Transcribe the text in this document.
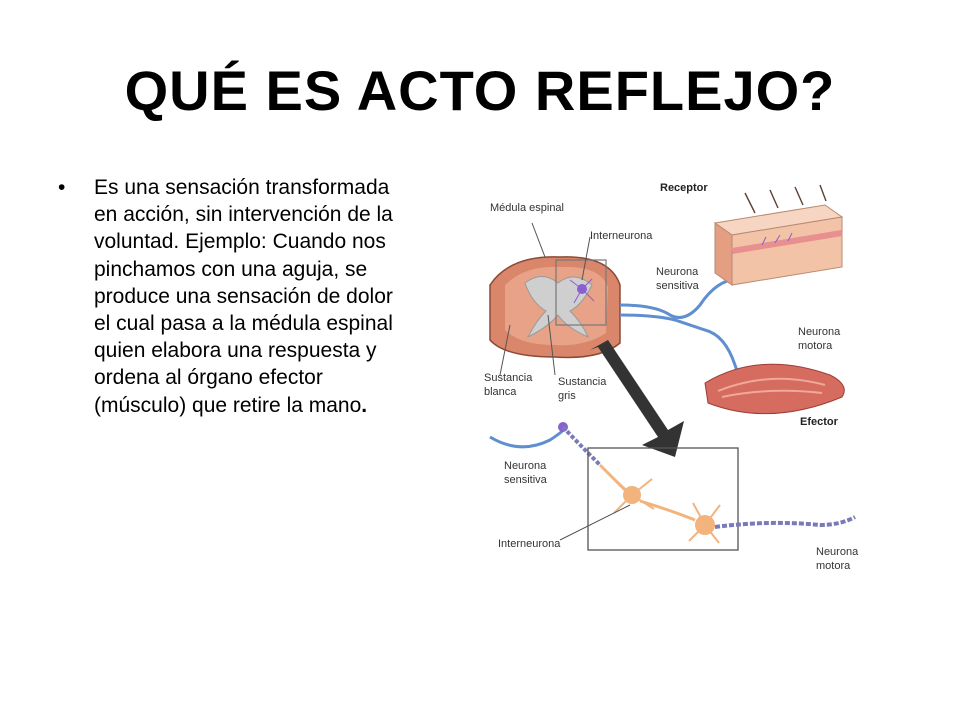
QUÉ ES ACTO REFLEJO?
•	Es una sensación transformada en acción, sin intervención de la voluntad. Ejemplo: Cuando nos pinchamos con una aguja, se produce una sensación de dolor el cual pasa a la médula espinal quien elabora una respuesta y ordena al órgano efector (músculo) que retire la mano.
Receptor
Médula espinal
Interneurona
Neurona
sensitiva
Neurona
motora
Sustancia
blanca
Sustancia
gris
Efector
Neurona
sensitiva
Interneurona
Neurona
motora
